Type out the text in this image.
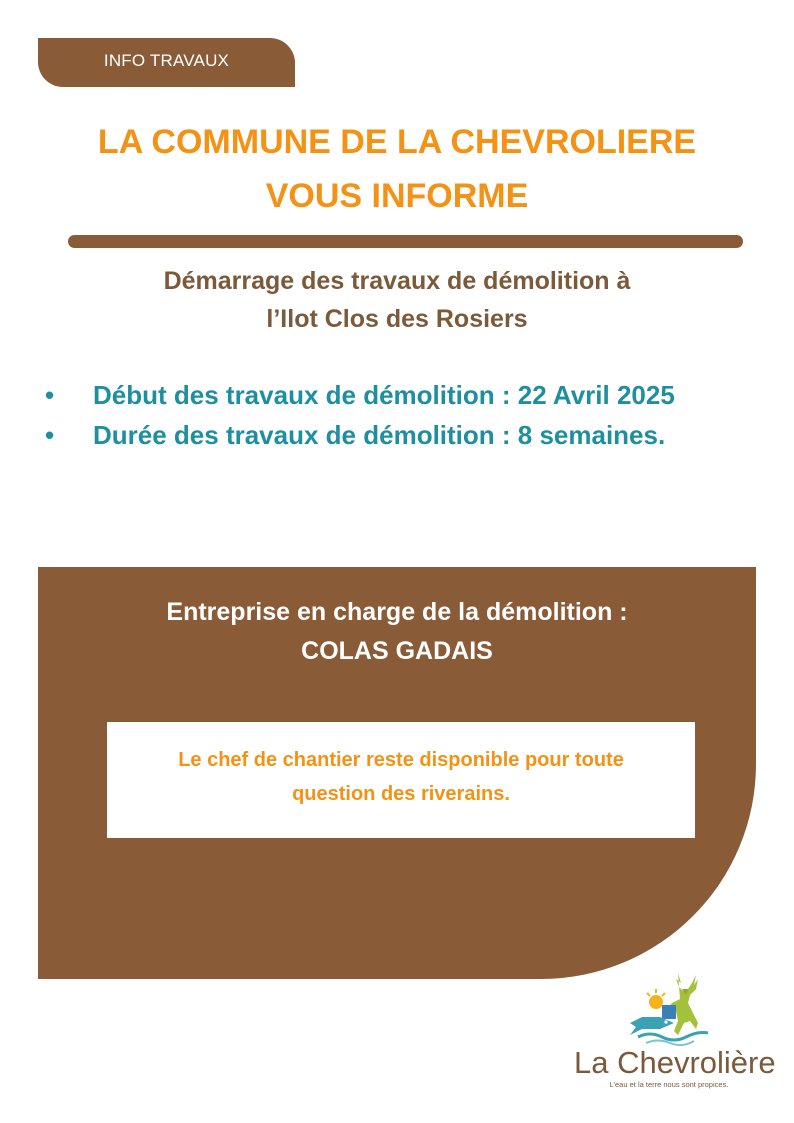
INFO TRAVAUX
LA COMMUNE DE LA CHEVROLIERE
VOUS INFORME
Démarrage des travaux de démolition à
l’Ilot Clos des Rosiers
• Début des travaux de démolition : 22 Avril 2025
• Durée des travaux de démolition : 8 semaines.
Entreprise en charge de la démolition :
COLAS GADAIS
Le chef de chantier reste disponible pour toute
question des riverains.
La Chevrolière
L’eau et la terre nous sont propices.
